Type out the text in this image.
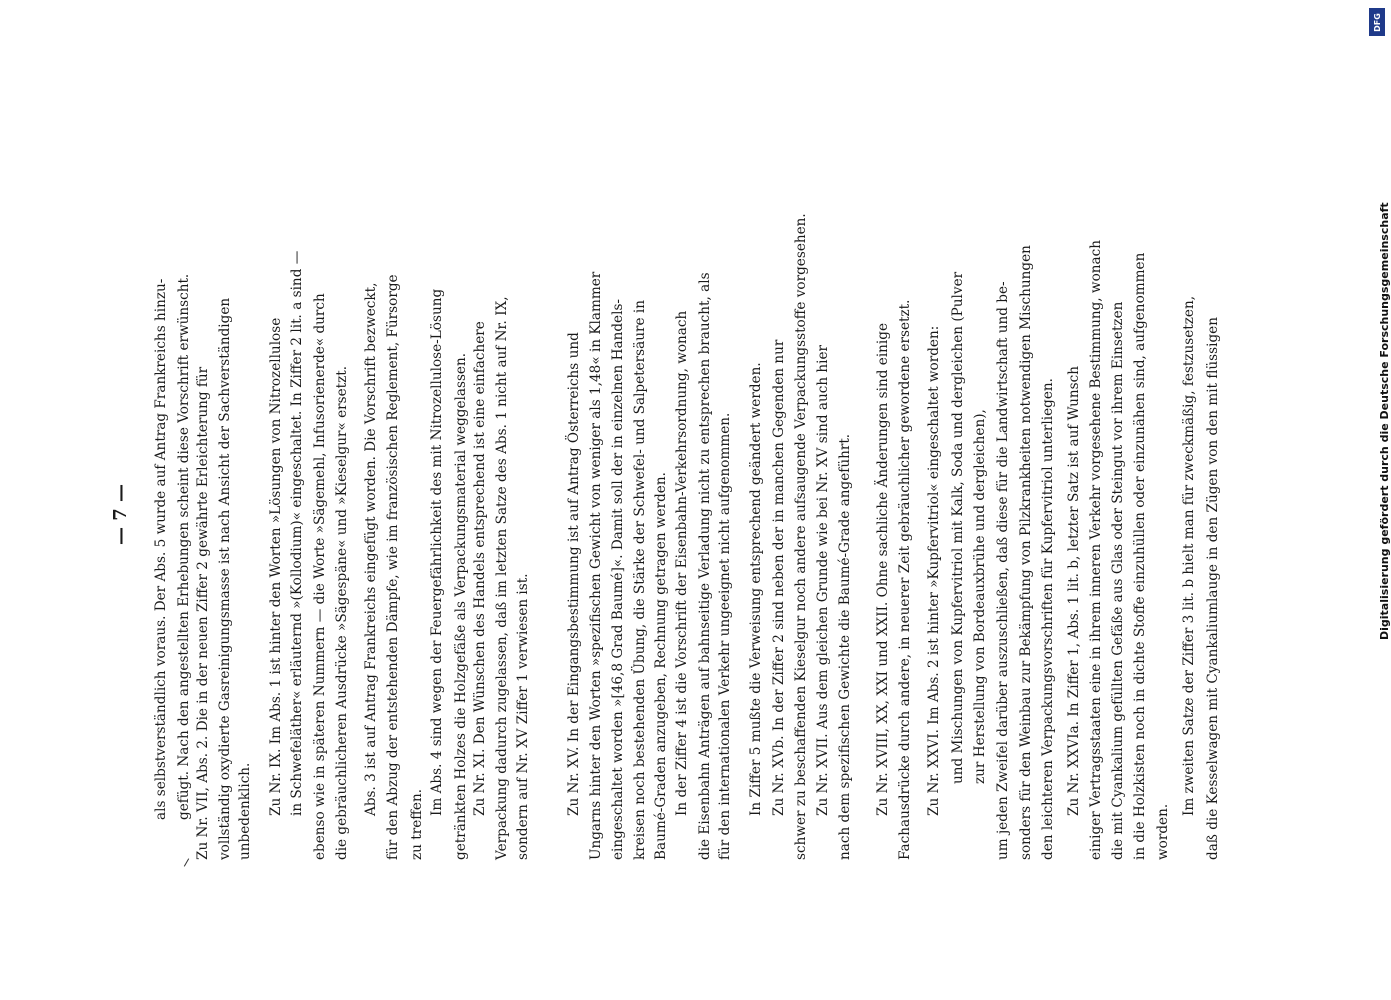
— 7 — als selbstverständlich voraus. Der Abs. 5 wurde auf Antrag Frankreichs hinzu- gefügt. Nach den angestellten Erhebungen scheint diese Vorschrift erwünscht. Zu Nr. VII, Abs. 2. Die in der neuen Ziffer 2 gewährte Erleichterung für vollständig oxydierte Gasreinigungsmasse ist nach Ansicht der Sachverständigen unbedenklich. Zu Nr. IX. Im Abs. 1 ist hinter den Worten »Lösungen von Nitrozellulose in Schwefeläther« erläuternd »(Kollodium)« eingeschaltet. In Ziffer 2 lit. a sind — ebenso wie in späteren Nummern — die Worte »Sägemehl, Infusorienerde« durch die gebräuchlicheren Ausdrücke »Sägespäne« und »Kieselgur« ersetzt. Abs. 3 ist auf Antrag Frankreichs eingefügt worden. Die Vorschrift bezweckt, für den Abzug der entstehenden Dämpfe, wie im französischen Reglement, Fürsorge zu treffen.
Im Abs. 4 sind wegen der Feuergefährlichkeit des mit Nitrozellulose-Lösung getränkten Holzes die Holzgefäße als Verpackungsmaterial weggelassen. Zu Nr. XI. Den Wünschen des Handels entsprechend ist eine einfachere Verpackung dadurch zugelassen, daß im letzten Satze des Abs. 1 nicht auf Nr. IX, sondern auf Nr. XV Ziffer 1 verwiesen ist.	Zu Nr. XV. In der Eingangsbestimmung ist auf Antrag Österreichs und Ungarns hinter den Worten »spezifischen Gewicht von weniger als 1,48« in Klammer eingeschaltet worden »[46,8 Grad Baumé]«. Damit soll der in einzelnen Handels- kreisen noch bestehenden Übung, die Stärke der Schwefel- und Salpetersäure in Baumé-Graden anzugeben, Rechnung getragen werden. In der Ziffer 4 ist die Vorschrift der Eisenbahn-Verkehrsordnung, wonach die Eisenbahn Anträgen auf bahnseitige Verladung nicht zu entsprechen braucht, als für den internationalen Verkehr ungeeignet nicht aufgenommen. In Ziffer 5 mußte die Verweisung entsprechend geändert werden. Zu Nr. XVb. In der Ziffer 2 sind neben der in manchen Gegenden nur schwer zu beschaffenden Kieselgur noch andere aufsaugende Verpackungsstoffe vorgesehen. Zu Nr. XVII. Aus dem gleichen Grunde wie bei Nr. XV sind auch hier nach dem spezifischen Gewichte die Baumé-Grade angeführt. Zu Nr. XVIII, XX, XXI und XXII. Ohne sachliche Änderungen sind einige Fachausdrücke durch andere, in neuerer Zeit gebräuchlicher gewordene ersetzt. Zu Nr. XXVI. Im Abs. 2 ist hinter »Kupfervitriol« eingeschaltet worden: und Mischungen von Kupfervitriol mit Kalk, Soda und dergleichen (Pulver zur Herstellung von Bordeauxbrühe und dergleichen), um jeden Zweifel darüber auszuschließen, daß diese für die Landwirtschaft und be- sonders für den Weinbau zur Bekämpfung von Pilzkrankheiten notwendigen Mischungen den leichteren Verpackungsvorschriften für Kupfervitriol unterliegen. Zu Nr. XXVIa. In Ziffer 1, Abs. 1 lit. b, letzter Satz ist auf Wunsch einiger Vertragsstaaten eine in ihrem inneren Verkehr vorgesehene Bestimmung, wonach die mit Cyankalium gefüllten Gefäße aus Glas oder Steingut vor ihrem Einsetzen in die Holzkisten noch in dichte Stoffe einzuhüllen oder einzunähen sind, aufgenommen worden.
Im zweiten Satze der Ziffer 3 lit. b hielt man für zweckmäßig, festzusetzen, daß die Kesselwagen mit Cyankaliumlauge in den Zügen von den mit flüssigen	Digitalisierung gefördert durch die Deutsche Forschungsgemeinschaft
DFG
